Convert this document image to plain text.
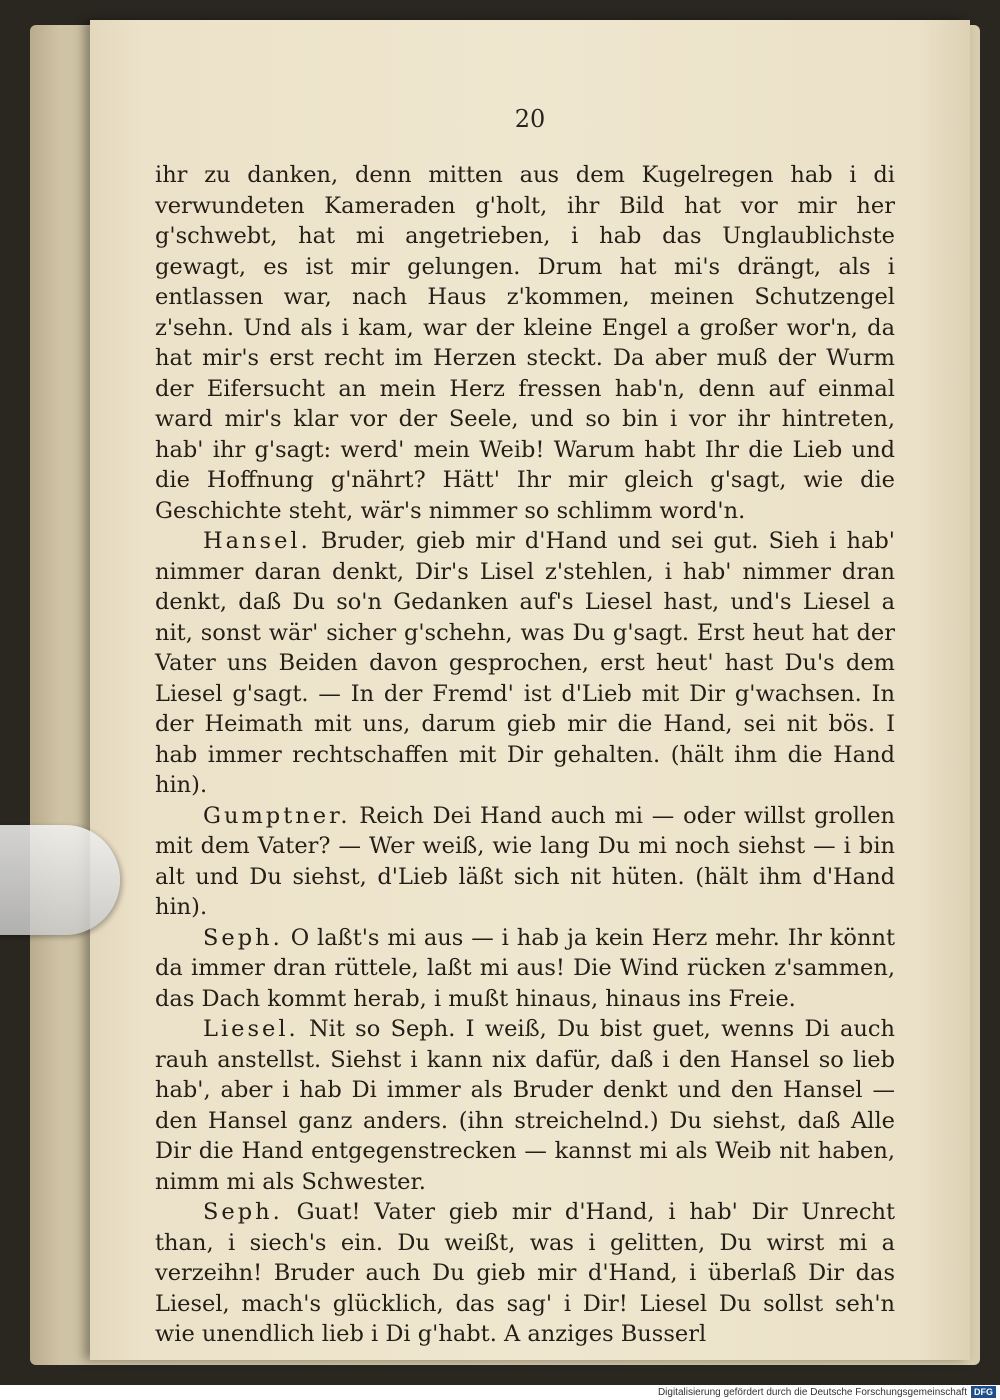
20

ihr zu danken, denn mitten aus dem Kugelregen hab i di verwundeten Kameraden g'holt, ihr Bild hat vor mir her g'schwebt, hat mi angetrieben, i hab das Unglaublichste gewagt, es ist mir gelungen. Drum hat mi's drängt, als i entlassen war, nach Haus z'kommen, meinen Schutzengel z'sehn. Und als i kam, war der kleine Engel a großer wor'n, da hat mir's erst recht im Herzen steckt. Da aber muß der Wurm der Eifersucht an mein Herz fressen hab'n, denn auf einmal ward mir's klar vor der Seele, und so bin i vor ihr hintreten, hab' ihr g'sagt: werd' mein Weib! Warum habt Ihr die Lieb und die Hoffnung g'nährt? Hätt' Ihr mir gleich g'sagt, wie die Geschichte steht, wär's nimmer so schlimm word'n.

Hansel. Bruder, gieb mir d'Hand und sei gut. Sieh i hab' nimmer daran denkt, Dir's Lisel z'stehlen, i hab' nimmer dran denkt, daß Du so'n Gedanken auf's Liesel hast, und's Liesel a nit, sonst wär' sicher g'schehn, was Du g'sagt. Erst heut hat der Vater uns Beiden davon gesprochen, erst heut' hast Du's dem Liesel g'sagt. — In der Fremd' ist d'Lieb mit Dir g'wachsen. In der Heimath mit uns, darum gieb mir die Hand, sei nit bös. I hab immer rechtschaffen mit Dir gehalten. (hält ihm die Hand hin).

Gumptner. Reich Dei Hand auch mi — oder willst grollen mit dem Vater? — Wer weiß, wie lang Du mi noch siehst — i bin alt und Du siehst, d'Lieb läßt sich nit hüten. (hält ihm d'Hand hin).

Seph. O laßt's mi aus — i hab ja kein Herz mehr. Ihr könnt da immer dran rüttele, laßt mi aus! Die Wind rücken z'sammen, das Dach kommt herab, i mußt hinaus, hinaus ins Freie.

Liesel. Nit so Seph. I weiß, Du bist guet, wenns Di auch rauh anstellst. Siehst i kann nix dafür, daß i den Hansel so lieb hab', aber i hab Di immer als Bruder denkt und den Hansel — den Hansel ganz anders. (ihn streichelnd.) Du siehst, daß Alle Dir die Hand entgegenstrecken — kannst mi als Weib nit haben, nimm mi als Schwester.

Seph. Guat! Vater gieb mir d'Hand, i hab' Dir Unrecht than, i siech's ein. Du weißt, was i gelitten, Du wirst mi a verzeihn! Bruder auch Du gieb mir d'Hand, i überlaß Dir das Liesel, mach's glücklich, das sag' i Dir! Liesel Du sollst seh'n wie unendlich lieb i Di g'habt. A anziges Busserl

Digitalisierung gefördert durch die Deutsche Forschungsgemeinschaft DFG
